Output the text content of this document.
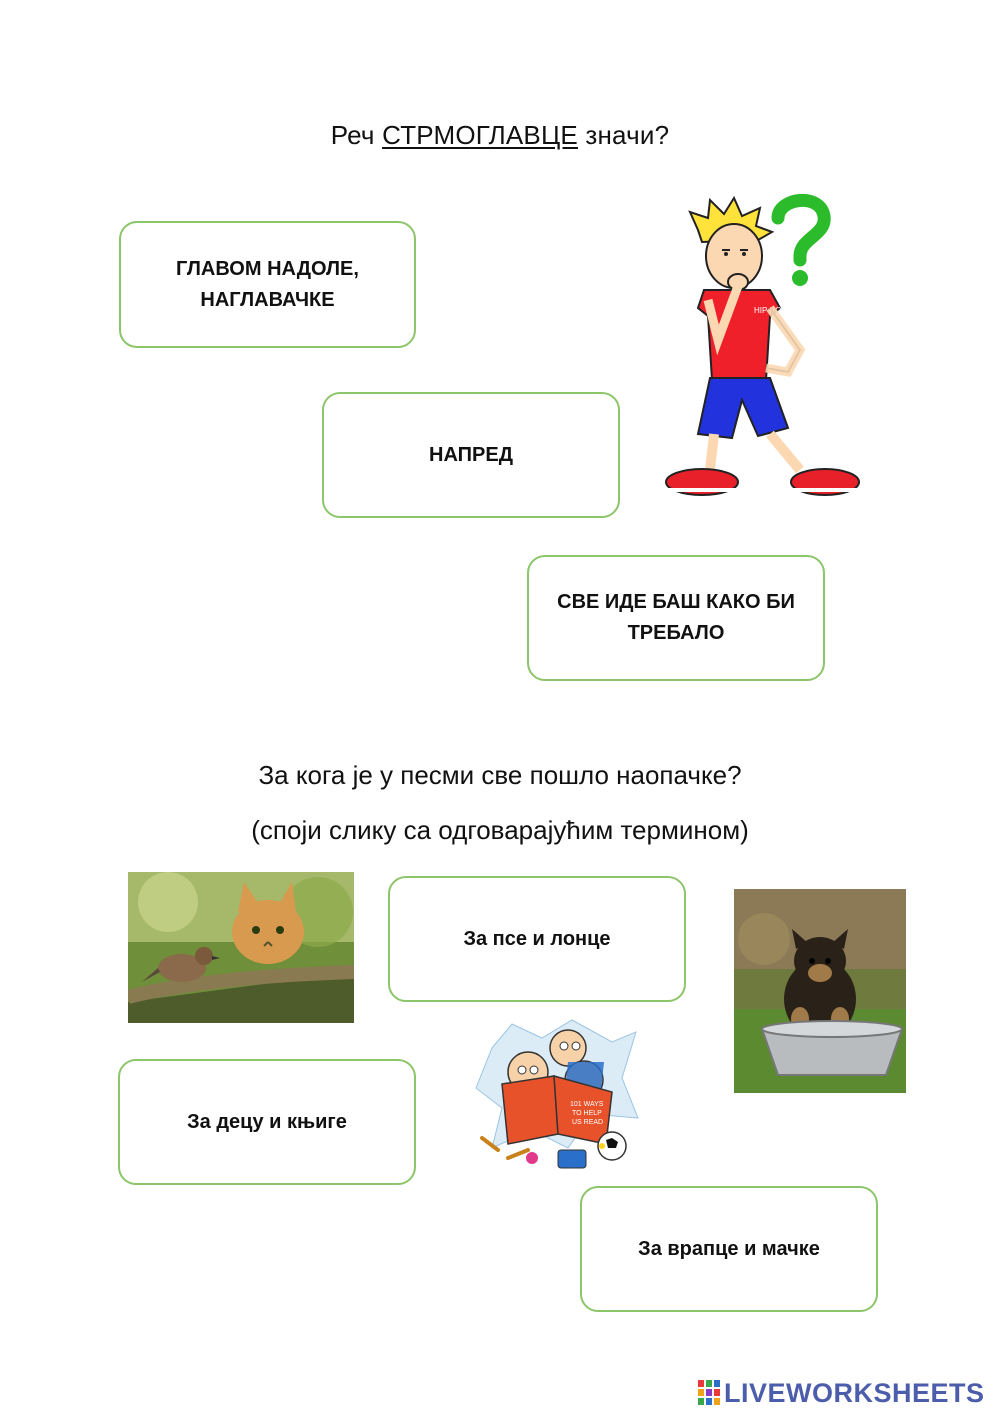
Реч СТРМОГЛАВЦЕ значи?
ГЛАВОМ НАДОЛЕ,
НАГЛАВАЧКЕ
НАПРЕД
СВЕ ИДЕ БАШ КАКО БИ
ТРЕБАЛО
HIP HOP
За кога је у песми све пошло наопачке?
(споји слику са одговарајућим термином)
За псе и лонце
101 WAYS
TO HELP
US READ
За децу и књиге
За врапце и мачке
LIVEWORKSHEETS
